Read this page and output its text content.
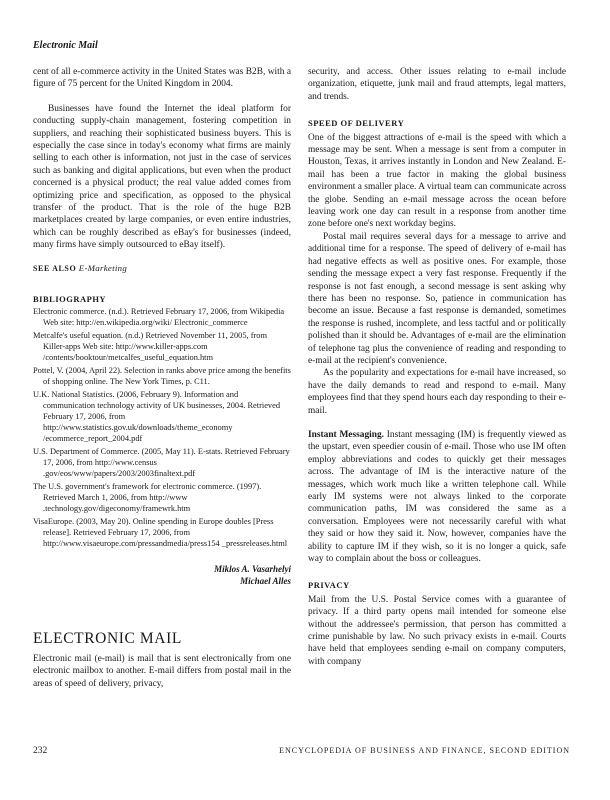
Electronic Mail

cent of all e-commerce activity in the United States was B2B, with a figure of 75 percent for the United Kingdom in 2004.

Businesses have found the Internet the ideal platform for conducting supply-chain management, fostering competition in suppliers, and reaching their sophisticated business buyers. This is especially the case since in today's economy what firms are mainly selling to each other is information, not just in the case of services such as banking and digital applications, but even when the product concerned is a physical product; the real value added comes from optimizing price and specification, as opposed to the physical transfer of the product. That is the role of the huge B2B marketplaces created by large companies, or even entire industries, which can be roughly described as eBay's for businesses (indeed, many firms have simply outsourced to eBay itself).

SEE ALSO E-Marketing
BIBLIOGRAPHY

Electronic commerce. (n.d.). Retrieved February 17, 2006, from Wikipedia Web site: http://en.wikipedia.org/wiki/ Electronic_commerce

Metcalfe's useful equation. (n.d.) Retrieved November 11, 2005, from Killer-apps Web site: http://www.killer-apps.com /contents/booktour/metcalfes_useful_equation.htm

Pottel, V. (2004, April 22). Selection in ranks above price among the benefits of shopping online. The New York Times, p. C11.

U.K. National Statistics. (2006, February 9). Information and communication technology activity of UK businesses, 2004. Retrieved February 17, 2006, from http://www.statistics.gov.uk/downloads/theme_economy /ecommerce_report_2004.pdf

U.S. Department of Commerce. (2005, May 11). E-stats. Retrieved February 17, 2006, from http://www.census .gov/eos/www/papers/2003/2003finaltext.pdf

The U.S. government's framework for electronic commerce. (1997). Retrieved March 1, 2006, from http://www .technology.gov/digeconomy/framewrk.htm

VisaEurope. (2003, May 20). Online spending in Europe doubles [Press release]. Retrieved February 17, 2006, from http://www.visaeurope.com/pressandmedia/press154 _pressreleases.html

Miklos A. Vasarhelyi
Michael Alles
ELECTRONIC MAIL

Electronic mail (e-mail) is mail that is sent electronically from one electronic mailbox to another. E-mail differs from postal mail in the areas of speed of delivery, privacy,

security, and access. Other issues relating to e-mail include organization, etiquette, junk mail and fraud attempts, legal matters, and trends.

SPEED OF DELIVERY

One of the biggest attractions of e-mail is the speed with which a message may be sent. When a message is sent from a computer in Houston, Texas, it arrives instantly in London and New Zealand. E-mail has been a true factor in making the global business environment a smaller place. A virtual team can communicate across the globe. Sending an e-mail message across the ocean before leaving work one day can result in a response from another time zone before one's next workday begins.

Postal mail requires several days for a message to arrive and additional time for a response. The speed of delivery of e-mail has had negative effects as well as positive ones. For example, those sending the message expect a very fast response. Frequently if the response is not fast enough, a second message is sent asking why there has been no response. So, patience in communication has become an issue. Because a fast response is demanded, sometimes the response is rushed, incomplete, and less tactful and or politically polished than it should be. Advantages of e-mail are the elimination of telephone tag plus the convenience of reading and responding to e-mail at the recipient's convenience.

As the popularity and expectations for e-mail have increased, so have the daily demands to read and respond to e-mail. Many employees find that they spend hours each day responding to their e-mail.

Instant Messaging. Instant messaging (IM) is frequently viewed as the upstart, even speedier cousin of e-mail. Those who use IM often employ abbreviations and codes to quickly get their messages across. The advantage of IM is the interactive nature of the messages, which work much like a written telephone call. While early IM systems were not always linked to the corporate communication paths, IM was considered the same as a conversation. Employees were not necessarily careful with what they said or how they said it. Now, however, companies have the ability to capture IM if they wish, so it is no longer a quick, safe way to complain about the boss or colleagues.

PRIVACY

Mail from the U.S. Postal Service comes with a guarantee of privacy. If a third party opens mail intended for someone else without the addressee's permission, that person has committed a crime punishable by law. No such privacy exists in e-mail. Courts have held that employees sending e-mail on company computers, with company

232	ENCYCLOPEDIA OF BUSINESS AND FINANCE, SECOND EDITION
